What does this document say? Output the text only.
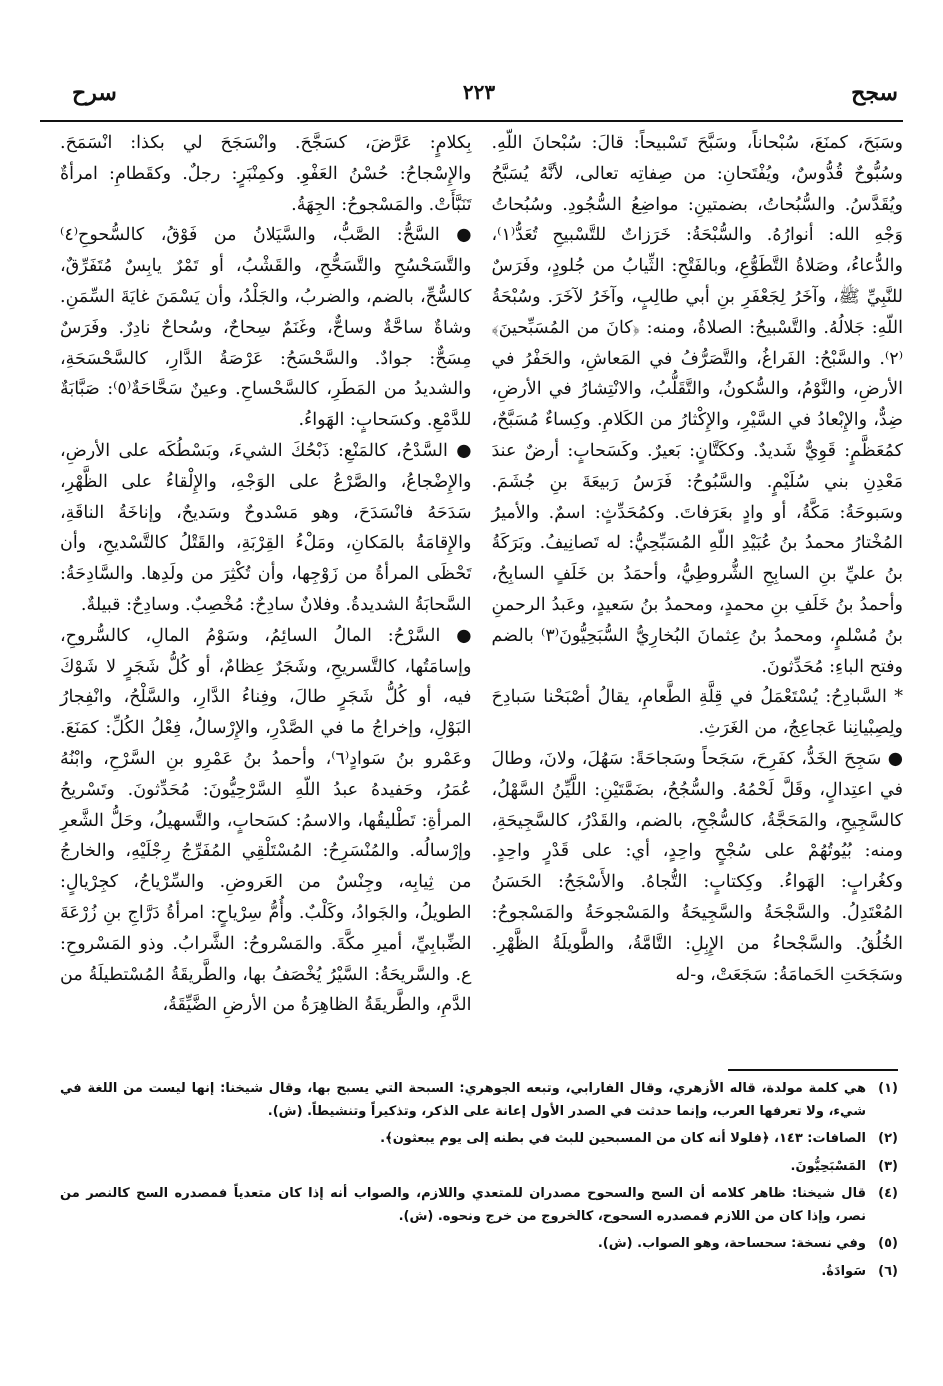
سجح
٢٢٣
سرح

وسَبَحَ، كمنَعَ، سُبْحاناً، وسَبَّحَ تَسْبيحاً: قالَ: سُبْحانَ اللّهِ. وسُبُّوحٌ قُدُّوسٌ، ويُفْتَحانِ: من صِفاتِه تعالى، لأنَّهُ يُسَبَّحُ ويُقَدَّسُ. والسُّبُحاتُ، بضمتينِ: مواضِعُ السُّجُودِ. وسُبُحاتُ وَجْهِ الله: أنوارُهُ. والسُّبْحَةُ: خَرَزاتٌ للتَّسْبيحِ تُعَدُّ⁽١⁾، والدُّعاءُ، وصَلاةُ التَّطَوُّعِ، وبالفَتْحِ: الثِّيابُ من جُلودٍ، وفَرَسٌ للنَّبِيِّ ﷺ، وآخَرُ لِجَعْفَرِ بنِ أبي طالِبٍ، وآخَرُ لآخَرَ. وسُبْحَةُ اللّهِ: جَلالُهُ. والتَّسْبيحُ: الصلاةُ، ومنه: ﴿كانَ من المُسَبِّحينَ﴾⁽٢⁾. والسَّبْحُ: الفَراغُ، والتَّصَرُّفُ في المَعاشِ، والحَفْرُ في الأرضِ، والنَّوْمُ، والسُّكونُ، والتَّقَلُّبُ، والانْتِشارُ في الأرضِ، ضِدٌّ، والإِبْعادُ في السَّيْرِ، والإِكْثارُ من الكَلامِ. وكِساءٌ مُسَبَّحٌ، كمُعَظَّمٍ: قَوِيٌّ شَديدٌ. وككَتَّانٍ: بَعيرٌ. وكَسَحابٍ: أرضٌ عندَ مَعْدِنِ بني سُلَيْمٍ. والسَّبُوحُ: فَرَسُ رَبيعَةَ بنِ جُشَمَ. وسَبوحَةُ: مَكَّةُ، أو وادٍ بعَرَفاتَ. وكمُحَدِّثٍ: اسمٌ. والأميرُ المُخْتارُ محمدُ بنُ عُبَيْدِ اللّهِ المُسَبِّحِيُّ: له تَصانِيفُ. وبَرَكَةُ بنُ عليِّ بنِ السابِحِ الشُّروطِيُّ، وأحمَدُ بن خَلَفٍ السابِحُ، وأحمدُ بنُ خَلَفِ بنِ محمدٍ، ومحمدُ بنُ سَعيدٍ، وعَبدُ الرحمنِ بنُ مُسْلمٍ، ومحمدُ بنُ عِثمانَ البُخارِيُّ السُّبَحِيُّونَ⁽٣⁾ بالضم وفتح الباءِ: مُحَدِّثونَ.

* السَّبادِحُ: يُسْتَعْمَلُ في قِلَّةِ الطَّعامِ، يقالُ أصْبَحْنا سَبادِحَ ولِصِبْيانِنا عَجاعِجُ، من الغَرَثِ.

● سَجِحَ الخَدُّ، كفَرِحَ، سَجَحاً وسَجاحَةً: سَهُلَ، ولانَ، وطالَ في اعتِدالٍ، وقَلَّ لَحْمُهُ. والسُّجُحُ، بضَمَّتَيْنِ: اللَّيِّنُ السَّهْلُ، كالسَّجِيحِ، والمَحَجَّةُ، كالسُّجْحِ، بالضم، والقَدْرُ، كالسَّجِيحَةِ، ومنه: بُيُوتُهُمْ على سُجْحٍ واحِدٍ، أي: على قَدْرٍ واحِدٍ. وكغُرابٍ: الهَواءُ. وكِكتابٍ: التُّجاهُ. والأَسْجَحُ: الحَسَنُ المُعْتَدِلُ. والسَّجْحَةُ والسَّجِيحَةُ والمَسْجوحَةُ والمَسْجوحُ: الخُلُقُ. والسَّجْحاءُ من الإِبِلِ: التَّامَّةُ، والطَّويلَةُ الظَّهْرِ. وسَجَحَتِ الحَمامَةُ: سَجَعَتْ، و-له

بِكلامٍ: عَرَّضَ، كسَجَّحَ. وانْسَجَحَ لي بكذا: انْسَمَحَ. والإِسْجاحُ: حُسْنُ العَفْوِ. وكمِنْبَرٍ: رجلٌ. وكقَطامِ: امرأةٌ تَنَبَّأَتْ. والمَسْجوحُ: الجِهَةُ.

● السَّحُّ: الصَّبُّ، والسَّيَلانُ من فَوْقُ، كالسُّحوحِ⁽٤⁾ والتَّسَحْسُحِ والتَّسَحُّحِ، والقَشْبُ، أو تَمْرٌ يابِسٌ مُتَفَرِّقٌ، كالسُّحِّ، بالضم، والضربُ، والجَلْدُ، وأن يَسْمَنَ غايَةَ السِّمَنِ. وشاةٌ ساحَّةٌ وساحٌّ، وغَنَمٌ سِحاحٌ، وسُحاحٌ نادِرٌ. وفَرَسٌ مِسَحٌّ: جوادٌ. والسَّحْسَحُ: عَرْصَةُ الدَّارِ، كالسَّحْسَحَةِ، والشديدُ من المَطَرِ، كالسَّحْساحِ. وعينٌ سَحَّاحَةٌ⁽٥⁾: صَبَّابَةٌ للدَّمْعِ. وكسَحابٍ: الهَواءُ.

● السَّدْحُ، كالمَنْعِ: ذَبْحُكَ الشيءَ، وبَسْطُكَه على الأرضِ، والإِضْجاعُ، والصَّرْعُ على الوَجْهِ، والإِلْقاءُ على الظَّهْرِ، سَدَحَهُ فانْسَدَحَ، وهو مَسْدوحٌ وسَديحٌ، وإناخَةُ الناقَةِ، والإِقامَةُ بالمَكانِ، ومَلْءُ القِرْبَةِ، والقَتْلُ كالتَّسْديحِ، وأن تَحْظَى المرأةُ من زَوْجِها، وأن تُكْثِرَ من ولَدِها. والسَّادِحَةُ: السَّحابَةُ الشديدةُ. وفلانٌ سادِحٌ: مُخْصِبٌ. وسادِحٌ: قبيلةٌ.

● السَّرْحُ: المالُ السائِمُ، وسَوْمُ المالِ، كالسُّروحِ، وإسامَتُها، كالتَّسريحِ، وشَجَرٌ عِظامٌ، أو كُلُّ شَجَرٍ لا شَوْكَ فيه، أو كُلُّ شَجَرٍ طالَ، وفِناءُ الدَّارِ، والسَّلْحُ، وانْفِجارُ البَوْلِ، وإخراجُ ما في الصَّدْرِ، والإِرْسالُ، فِعْلُ الكُلِّ: كمَنَعَ. وعَمْرو بنُ سَوادٍ⁽٦⁾، وأحمدُ بنُ عَمْرِو بنِ السَّرْحِ، وابْنُهُ عُمَرُ، وحَفيدهُ عبدُ اللّهِ السَّرْحِيُّونَ: مُحَدِّثونَ. وتَسْريحُ المرأةِ: تَطْليقُها، والاسمُ: كسَحابٍ، والتَّسهيلُ، وحَلُّ الشَّعرِ وإرْسالُه. والمُنْسَرِحُ: المُسْتَلْقِي المُفَرِّجُ رِجْلَيْهِ، والخارجُ من ثِيابِه، وجِنْسٌ من العَروضِ. والسِّرْياحُ، كجِرْيالٍ: الطويلُ، والجَوادُ، وكَلْبٌ. وأُمُّ سِرْياحٍ: امرأةُ دَرَّاجِ بنِ زُرْعَةَ الضِّبابِيِّ، أميرِ مكَّةَ. والمَسْروحُ: الشَّرابُ. وذو المَسْروحِ: ع. والسَّريحَةُ: السَّيْرُ يُخْصَفُ بها، والطَّريقَةُ المُسْتطيلَةُ من الدَّمِ، والطَّريقَةُ الظاهِرَةُ من الأرضِ الضَّيِّقَةُ،

(١)
هي كلمة مولدة، قاله الأزهري، وقال الفارابي، وتبعه الجوهري: السبحة التي يسبح بها، وقال شيخنا: إنها ليست من اللغة في شيء، ولا تعرفها العرب، وإنما حدثت في الصدر الأول إعانة على الذكر، وتذكيراً وتنشيطاً. (ش).
(٢)
الصافات: ١٤٣، ﴿فلولا أنه كان من المسبحين للبث في بطنه إلى يوم يبعثون﴾.
(٣)
المَسْبَحِيُّونَ.
(٤)
قال شيخنا: ظاهر كلامه أن السح والسحوح مصدران للمتعدي واللازم، والصواب أنه إذا كان متعدياً فمصدره السح كالنصر من نصر، وإذا كان من اللازم فمصدره السحوح، كالخروج من خرج ونحوه. (ش).
(٥)
وفي نسخة: سحساحة، وهو الصواب. (ش).
(٦)
سَوادَةُ.
